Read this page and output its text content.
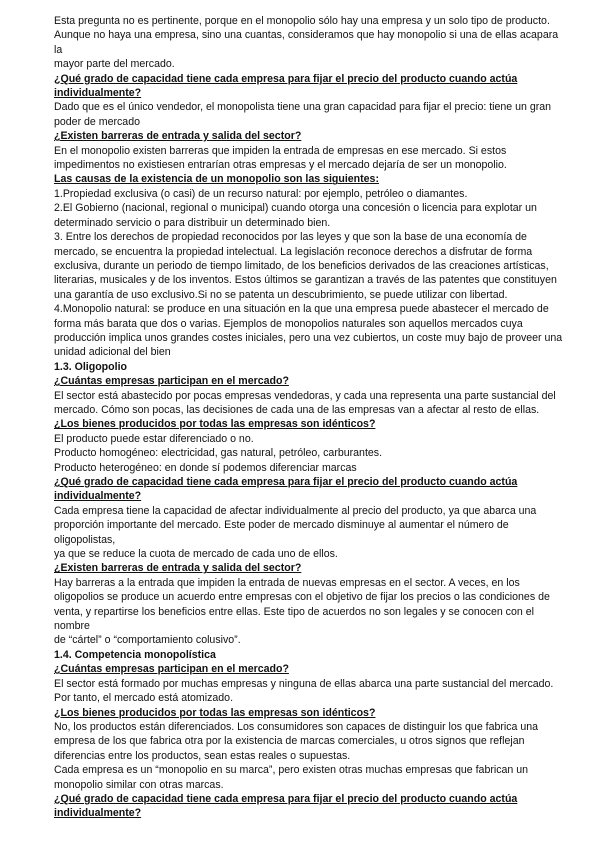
Esta pregunta no es pertinente, porque en el monopolio sólo hay una empresa y un solo tipo de producto.
Aunque no haya una empresa, sino una cuantas, consideramos que hay monopolio si una de ellas acapara la
mayor parte del mercado.

¿Qué grado de capacidad tiene cada empresa para fijar el precio del producto cuando actúa
individualmente?

Dado que es el único vendedor, el monopolista tiene una gran capacidad para fijar el precio: tiene un gran
poder de mercado

¿Existen barreras de entrada y salida del sector?

En el monopolio existen barreras que impiden la entrada de empresas en ese mercado. Si estos
impedimentos no existiesen entrarían otras empresas y el mercado dejaría de ser un monopolio.

Las causas de la existencia de un monopolio son las siguientes:

1.Propiedad exclusiva (o casi) de un recurso natural: por ejemplo, petróleo o diamantes.

2.El Gobierno (nacional, regional o municipal) cuando otorga una concesión o licencia para explotar un
determinado servicio o para distribuir un determinado bien.

3. Entre los derechos de propiedad reconocidos por las leyes y que son la base de una economía de
mercado, se encuentra la propiedad intelectual. La legislación reconoce derechos a disfrutar de forma
exclusiva, durante un periodo de tiempo limitado, de los beneficios derivados de las creaciones artísticas,
literarias, musicales y de los inventos. Estos últimos se garantizan a través de las patentes que constituyen
una garantía de uso exclusivo.Si no se patenta un descubrimiento, se puede utilizar con libertad.

4.Monopolio natural: se produce en una situación en la que una empresa puede abastecer el mercado de
forma más barata que dos o varias. Ejemplos de monopolios naturales son aquellos mercados cuya
producción implica unos grandes costes iniciales, pero una vez cubiertos, un coste muy bajo de proveer una
unidad adicional del bien

1.3. Oligopolio

¿Cuántas empresas participan en el mercado?

El sector está abastecido por pocas empresas vendedoras, y cada una representa una parte sustancial del
mercado. Cómo son pocas, las decisiones de cada una de las empresas van a afectar al resto de ellas.

¿Los bienes producidos por todas las empresas son idénticos?

El producto puede estar diferenciado o no.
Producto homogéneo: electricidad, gas natural, petróleo, carburantes.
Producto heterogéneo: en donde sí podemos diferenciar marcas

¿Qué grado de capacidad tiene cada empresa para fijar el precio del producto cuando actúa
individualmente?

Cada empresa tiene la capacidad de afectar individualmente al precio del producto, ya que abarca una
proporción importante del mercado. Este poder de mercado disminuye al aumentar el número de oligopolistas,
ya que se reduce la cuota de mercado de cada uno de ellos.

¿Existen barreras de entrada y salida del sector?

Hay barreras a la entrada que impiden la entrada de nuevas empresas en el sector. A veces, en los
oligopolios se produce un acuerdo entre empresas con el objetivo de fijar los precios o las condiciones de
venta, y repartirse los beneficios entre ellas. Este tipo de acuerdos no son legales y se conocen con el nombre
de “cártel” o “comportamiento colusivo”.

1.4. Competencia monopolística

¿Cuántas empresas participan en el mercado?

El sector está formado por muchas empresas y ninguna de ellas abarca una parte sustancial del mercado.
Por tanto, el mercado está atomizado.

¿Los bienes producidos por todas las empresas son idénticos?

No, los productos están diferenciados. Los consumidores son capaces de distinguir los que fabrica una
empresa de los que fabrica otra por la existencia de marcas comerciales, u otros signos que reflejan
diferencias entre los productos, sean estas reales o supuestas.
Cada empresa es un “monopolio en su marca”, pero existen otras muchas empresas que fabrican un
monopolio similar con otras marcas.

¿Qué grado de capacidad tiene cada empresa para fijar el precio del producto cuando actúa
individualmente?
